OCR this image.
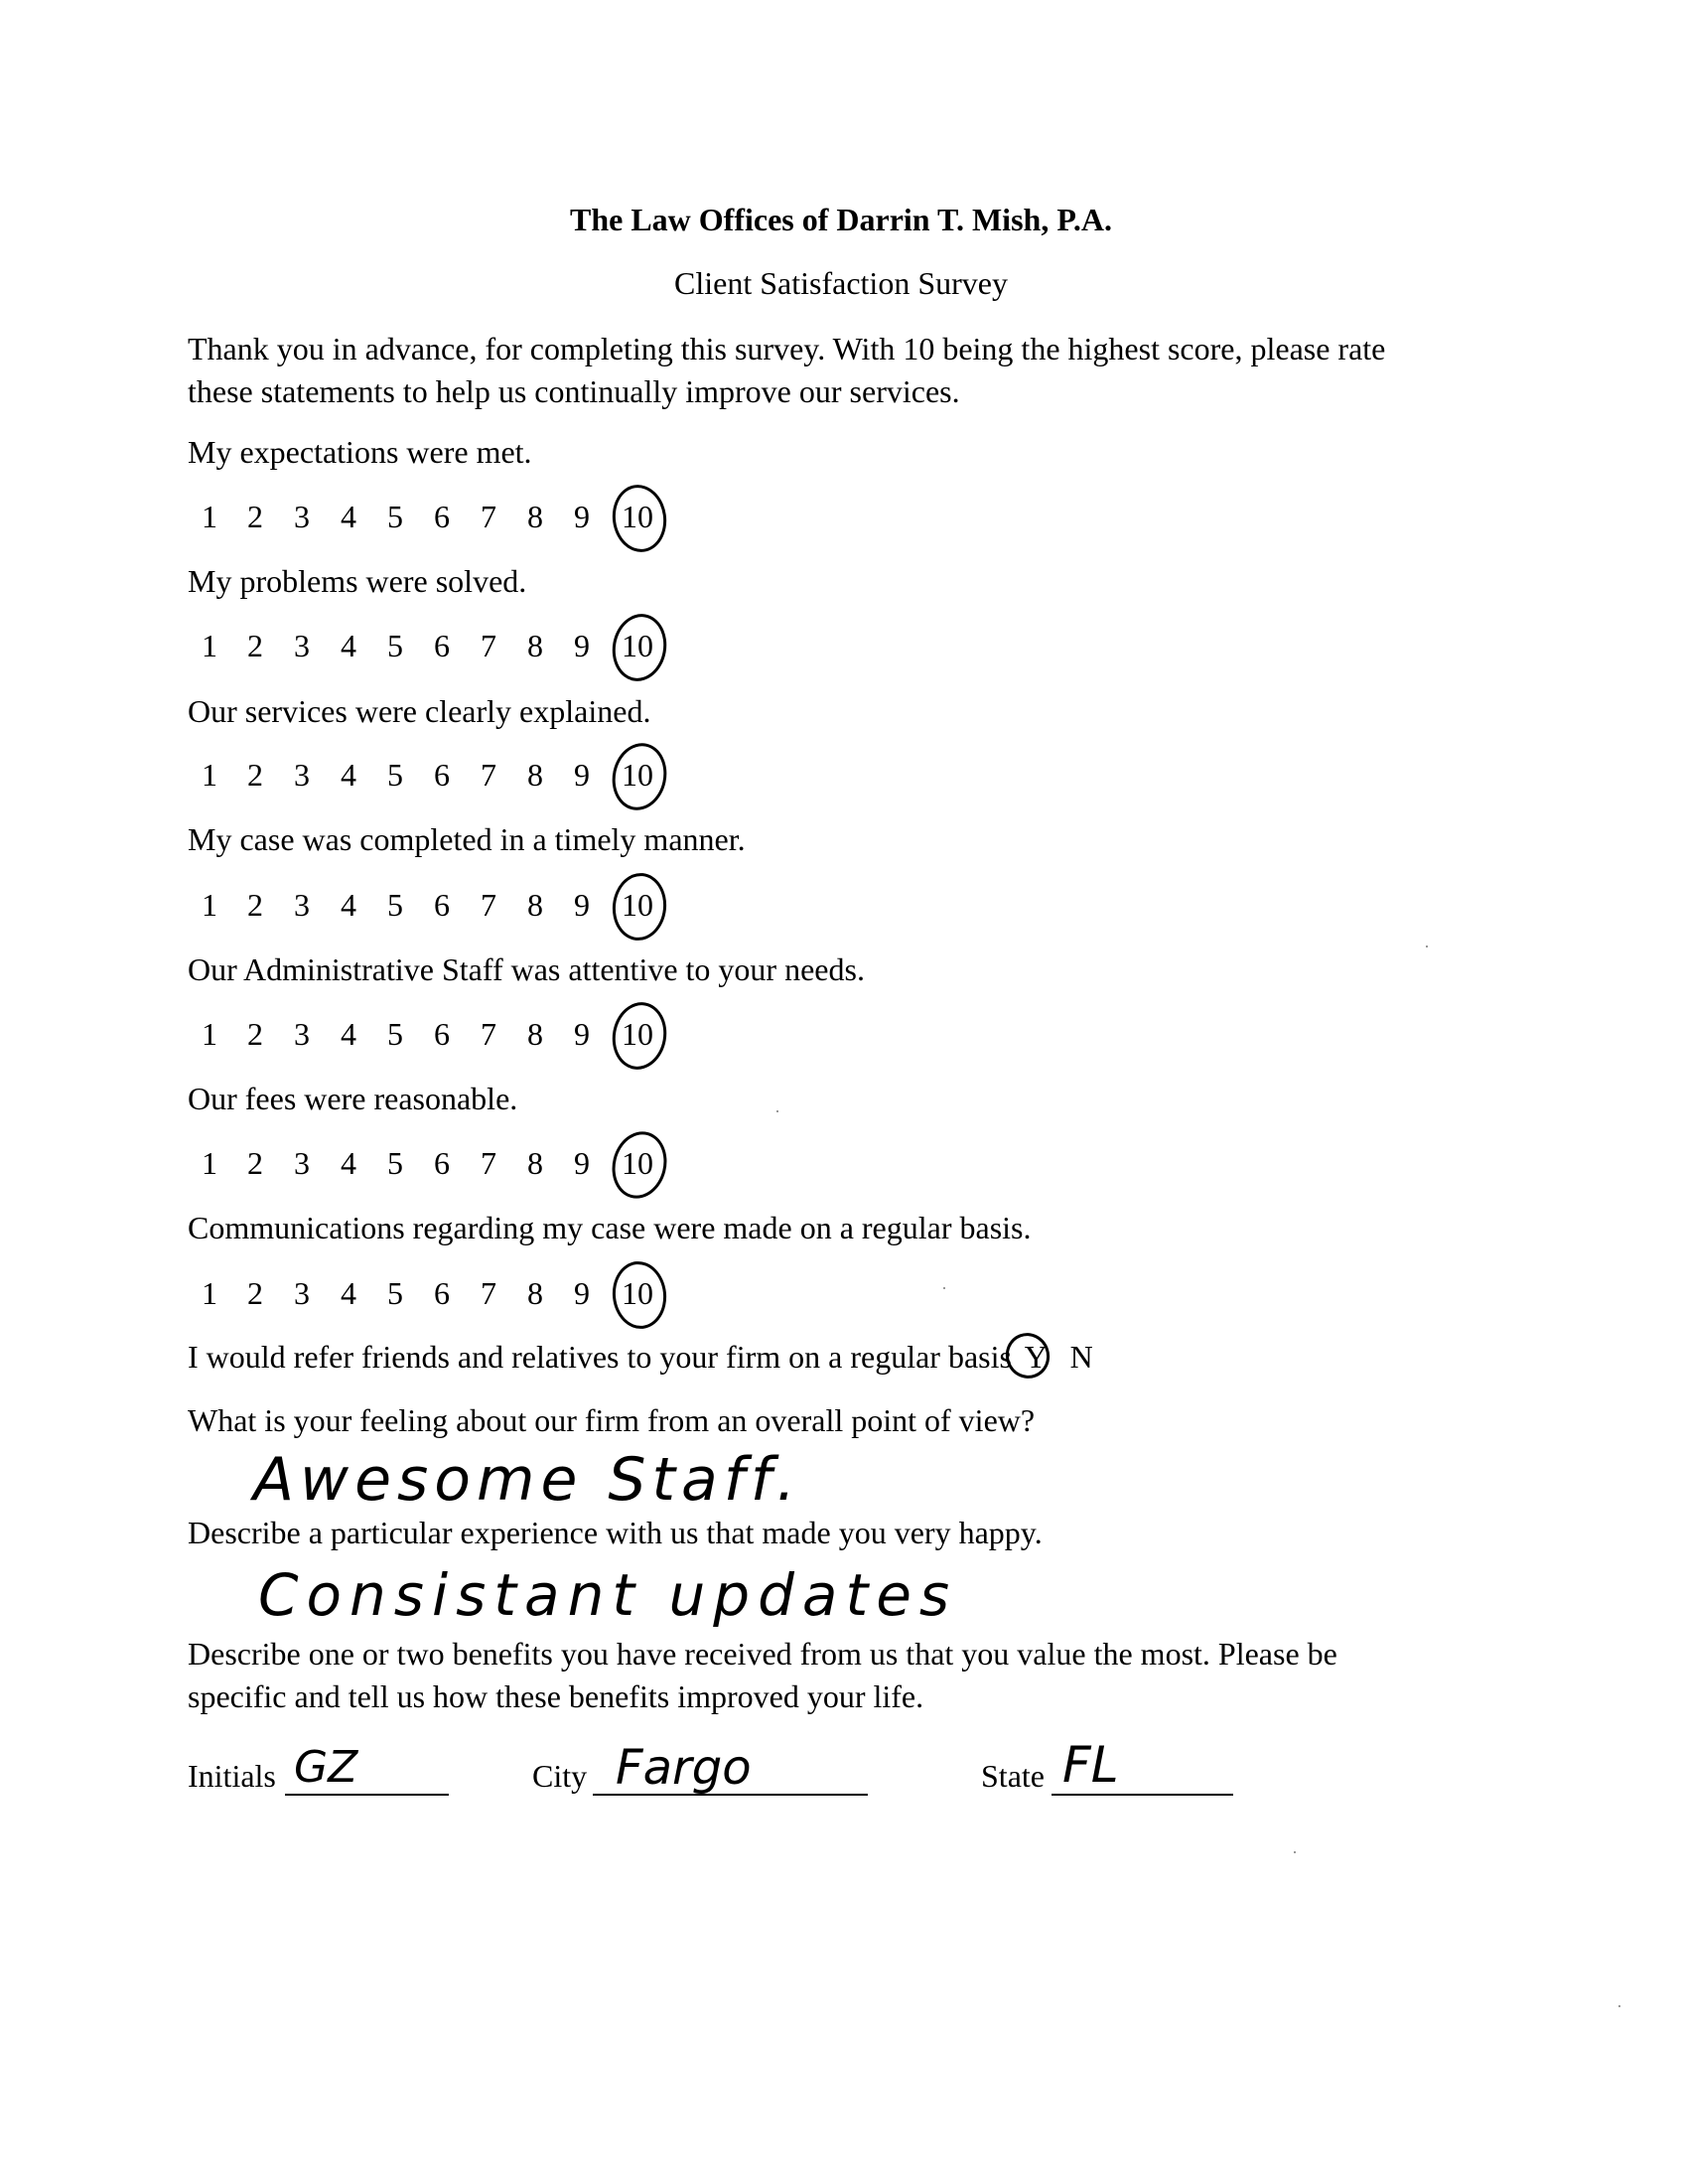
The Law Offices of Darrin T. Mish, P.A.
Client Satisfaction Survey
Thank you in advance, for completing this survey. With 10 being the highest score, please rate
these statements to help us continually improve our services.
My expectations were met.
1 2 3 4 5 6 7 8 9	10
My problems were solved.
1 2 3 4 5 6 7 8 9	10
Our services were clearly explained.
1 2 3 4 5 6 7 8 9	10
My case was completed in a timely manner.
1 2 3 4 5 6 7 8 9	10
Our Administrative Staff was attentive to your needs.
1 2 3 4 5 6 7 8 9	10
Our fees were reasonable.
1 2 3 4 5 6 7 8 9	10
Communications regarding my case were made on a regular basis.
1 2 3 4 5 6 7 8 9	10
I would refer friends and relatives to your firm on a regular basis Y N
What is your feeling about our firm from an overall point of view?
Awesome Staff.
Describe a particular experience with us that made you very happy.
Consistant updates
Describe one or two benefits you have received from us that you value the most. Please be
specific and tell us how these benefits improved your life.
Initials GZ	City Fargo	State FL
